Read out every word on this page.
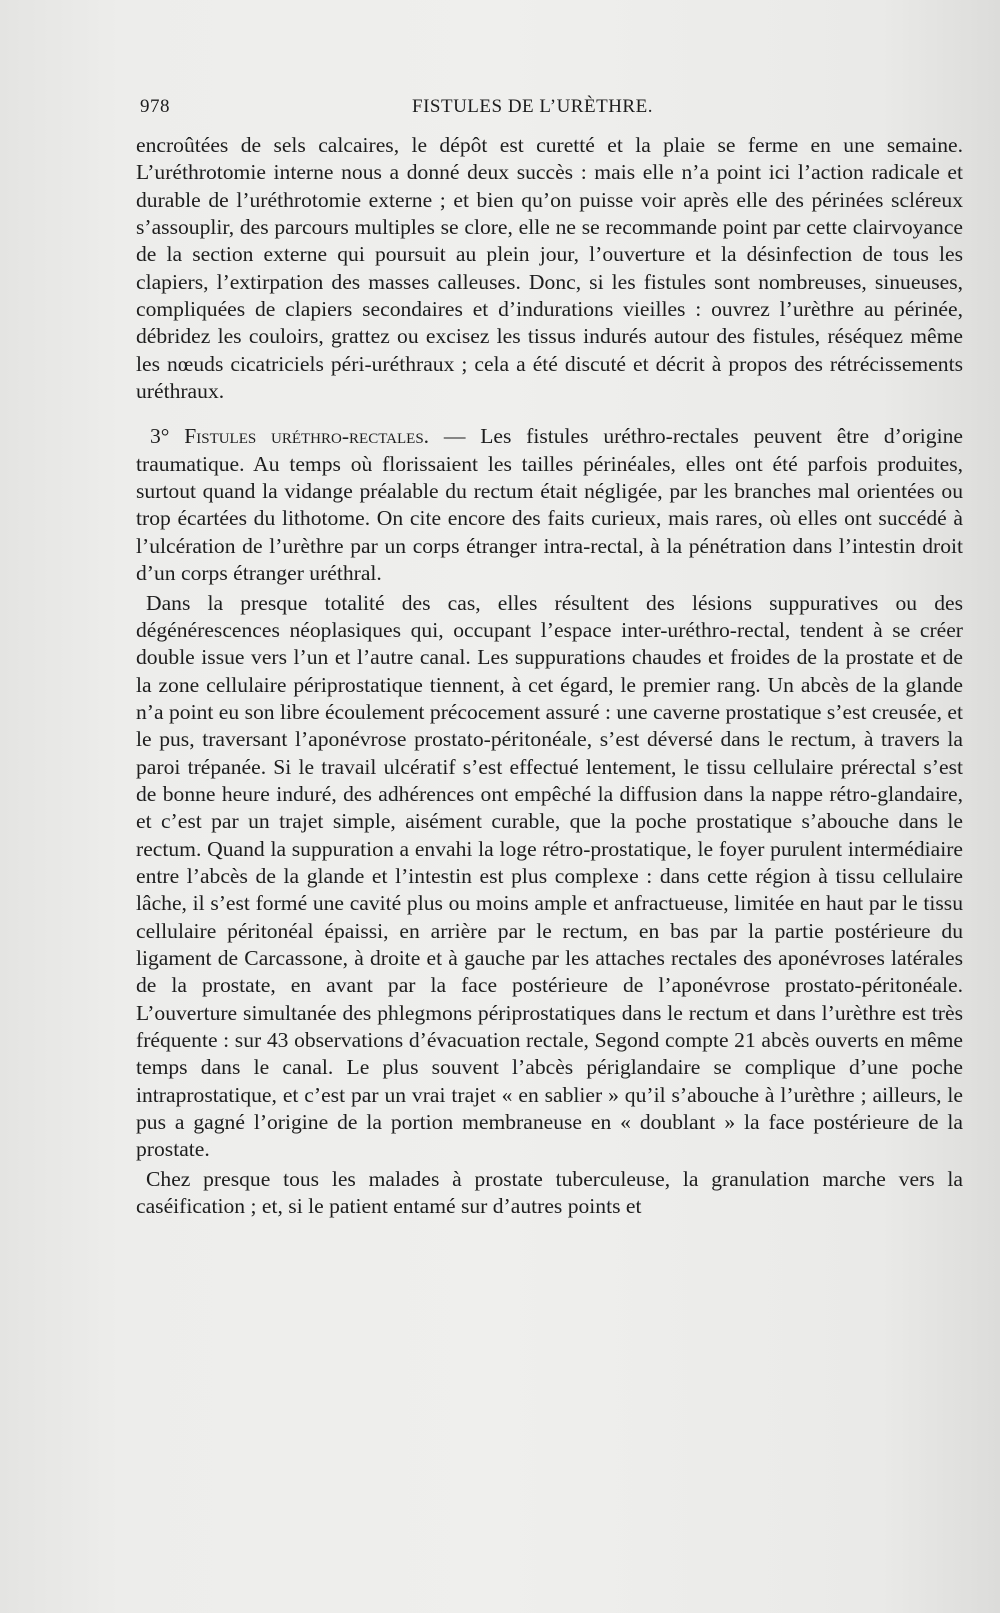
978	FISTULES DE L’URÈTHRE.

encroûtées de sels calcaires, le dépôt est curetté et la plaie se ferme en une semaine. L’uréthrotomie interne nous a donné deux succès : mais elle n’a point ici l’action radicale et durable de l’uréthrotomie externe ; et bien qu’on puisse voir après elle des périnées scléreux s’assouplir, des parcours multiples se clore, elle ne se recommande point par cette clairvoyance de la section externe qui poursuit au plein jour, l’ouverture et la désinfection de tous les clapiers, l’extirpation des masses calleuses. Donc, si les fistules sont nombreuses, sinueuses, compliquées de clapiers secondaires et d’indurations vieilles : ouvrez l’urèthre au périnée, débridez les couloirs, grattez ou excisez les tissus indurés autour des fistules, réséquez même les nœuds cicatriciels péri-uréthraux ; cela a été discuté et décrit à propos des rétrécissements uréthraux.

3° Fistules uréthro-rectales. — Les fistules uréthro-rectales peuvent être d’origine traumatique. Au temps où florissaient les tailles périnéales, elles ont été parfois produites, surtout quand la vidange préalable du rectum était négligée, par les branches mal orientées ou trop écartées du lithotome. On cite encore des faits curieux, mais rares, où elles ont succédé à l’ulcération de l’urèthre par un corps étranger intra-rectal, à la pénétration dans l’intestin droit d’un corps étranger uréthral.

Dans la presque totalité des cas, elles résultent des lésions suppuratives ou des dégénérescences néoplasiques qui, occupant l’espace inter-uréthro-rectal, tendent à se créer double issue vers l’un et l’autre canal. Les suppurations chaudes et froides de la prostate et de la zone cellulaire périprostatique tiennent, à cet égard, le premier rang. Un abcès de la glande n’a point eu son libre écoulement précocement assuré : une caverne prostatique s’est creusée, et le pus, traversant l’aponévrose prostato-péritonéale, s’est déversé dans le rectum, à travers la paroi trépanée. Si le travail ulcératif s’est effectué lentement, le tissu cellulaire prérectal s’est de bonne heure induré, des adhérences ont empêché la diffusion dans la nappe rétro-glandaire, et c’est par un trajet simple, aisément curable, que la poche prostatique s’abouche dans le rectum. Quand la suppuration a envahi la loge rétro-prostatique, le foyer purulent intermédiaire entre l’abcès de la glande et l’intestin est plus complexe : dans cette région à tissu cellulaire lâche, il s’est formé une cavité plus ou moins ample et anfractueuse, limitée en haut par le tissu cellulaire péritonéal épaissi, en arrière par le rectum, en bas par la partie postérieure du ligament de Carcassone, à droite et à gauche par les attaches rectales des aponévroses latérales de la prostate, en avant par la face postérieure de l’aponévrose prostato-péritonéale. L’ouverture simultanée des phlegmons périprostatiques dans le rectum et dans l’urèthre est très fréquente : sur 43 observations d’évacuation rectale, Segond compte 21 abcès ouverts en même temps dans le canal. Le plus souvent l’abcès périglandaire se complique d’une poche intraprostatique, et c’est par un vrai trajet « en sablier » qu’il s’abouche à l’urèthre ; ailleurs, le pus a gagné l’origine de la portion membraneuse en « doublant » la face postérieure de la prostate.

Chez presque tous les malades à prostate tuberculeuse, la granulation marche vers la caséification ; et, si le patient entamé sur d’autres points et
